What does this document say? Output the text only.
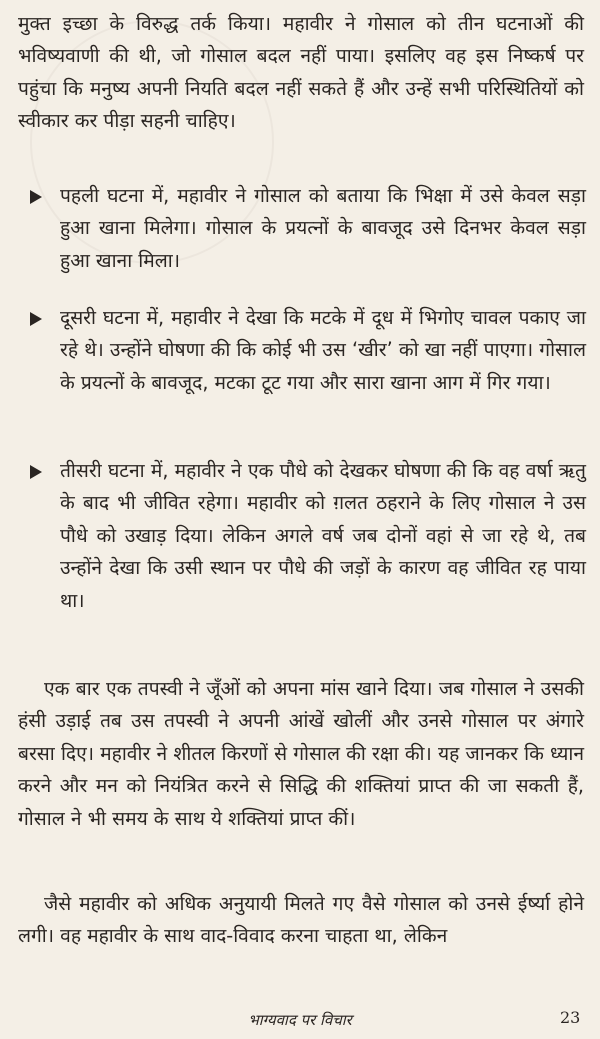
मुक्त इच्छा के विरुद्ध तर्क किया। महावीर ने गोसाल को तीन घटनाओं की भविष्यवाणी की थी, जो गोसाल बदल नहीं पाया। इसलिए वह इस निष्कर्ष पर पहुंचा कि मनुष्य अपनी नियति बदल नहीं सकते हैं और उन्हें सभी परिस्थितियों को स्वीकार कर पीड़ा सहनी चाहिए।

पहली घटना में, महावीर ने गोसाल को बताया कि भिक्षा में उसे केवल सड़ा हुआ खाना मिलेगा। गोसाल के प्रयत्नों के बावजूद उसे दिनभर केवल सड़ा हुआ खाना मिला।

दूसरी घटना में, महावीर ने देखा कि मटके में दूध में भिगोए चावल पकाए जा रहे थे। उन्होंने घोषणा की कि कोई भी उस ‘खीर’ को खा नहीं पाएगा। गोसाल के प्रयत्नों के बावजूद, मटका टूट गया और सारा खाना आग में गिर गया।

तीसरी घटना में, महावीर ने एक पौधे को देखकर घोषणा की कि वह वर्षा ऋतु के बाद भी जीवित रहेगा। महावीर को ग़लत ठहराने के लिए गोसाल ने उस पौधे को उखाड़ दिया। लेकिन अगले वर्ष जब दोनों वहां से जा रहे थे, तब उन्होंने देखा कि उसी स्थान पर पौधे की जड़ों के कारण वह जीवित रह पाया था।

एक बार एक तपस्वी ने जूँओं को अपना मांस खाने दिया। जब गोसाल ने उसकी हंसी उड़ाई तब उस तपस्वी ने अपनी आंखें खोलीं और उनसे गोसाल पर अंगारे बरसा दिए। महावीर ने शीतल किरणों से गोसाल की रक्षा की। यह जानकर कि ध्यान करने और मन को नियंत्रित करने से सिद्धि की शक्तियां प्राप्त की जा सकती हैं, गोसाल ने भी समय के साथ ये शक्तियां प्राप्त कीं।

जैसे महावीर को अधिक अनुयायी मिलते गए वैसे गोसाल को उनसे ईर्ष्या होने लगी। वह महावीर के साथ वाद-विवाद करना चाहता था, लेकिन

भाग्यवाद पर विचार	23
